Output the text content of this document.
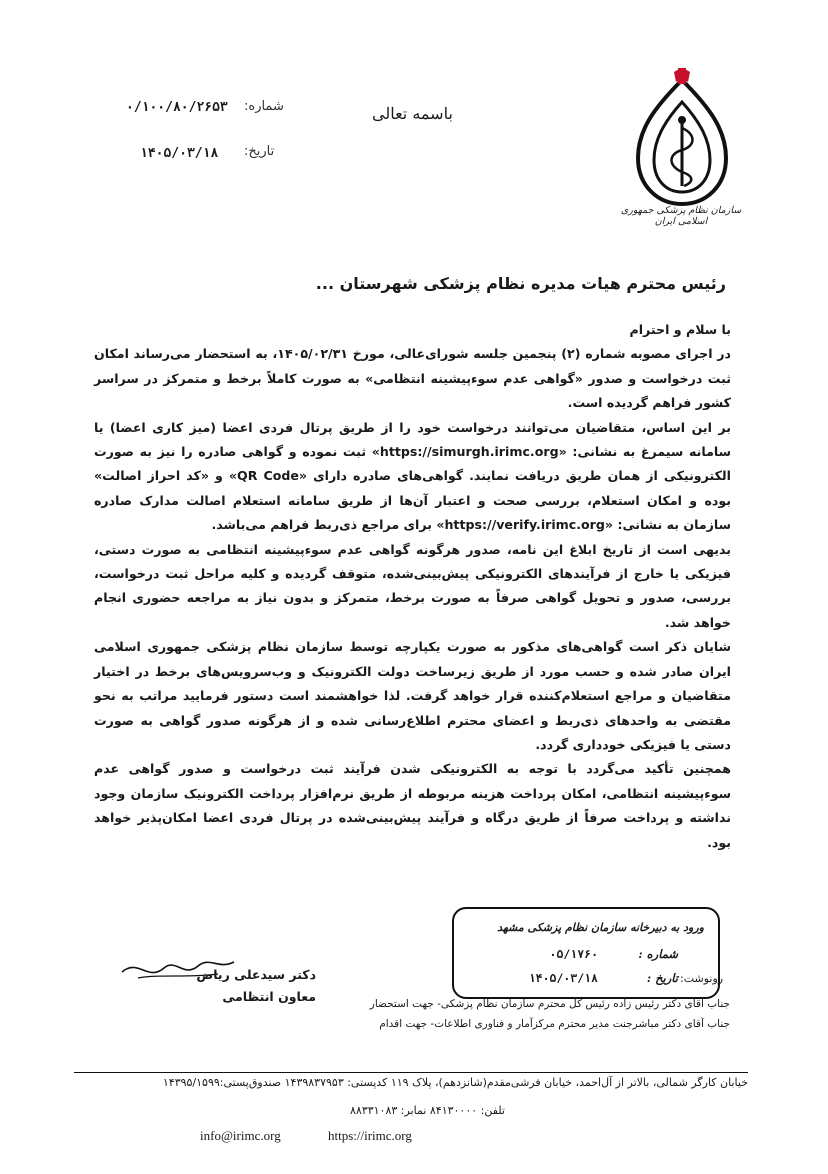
سازمان نظام پزشکی جمهوری اسلامی ایران
باسمه تعالی
شماره:
۰/۱۰۰/۸۰/۲۶۵۳
تاریخ:
۱۴۰۵/۰۳/۱۸
رئیس محترم هیات مدیره نظام پزشکی شهرستان ...

با سلام و احترام

در اجرای مصوبه شماره (۲) پنجمین جلسه شورای‌عالی، مورخ ۱۴۰۵/۰۲/۳۱، به استحضار می‌رساند امکان ثبت درخواست و صدور «گواهی عدم سوءپیشینه انتظامی» به صورت کاملاً برخط و متمرکز در سراسر کشور فراهم گردیده است.

بر این اساس، متقاضیان می‌توانند درخواست خود را از طریق پرتال فردی اعضا (میز کاری اعضا) یا سامانه سیمرغ به نشانی: «https://simurgh.irimc.org» ثبت نموده و گواهی صادره را نیز به صورت الکترونیکی از همان طریق دریافت نمایند. گواهی‌های صادره دارای «QR Code» و «کد احراز اصالت» بوده و امکان استعلام، بررسی صحت و اعتبار آن‌ها از طریق سامانه استعلام اصالت مدارک صادره سازمان به نشانی: «https://verify.irimc.org» برای مراجع ذی‌ربط فراهم می‌باشد.

بدیهی است از تاریخ ابلاغ این نامه، صدور هرگونه گواهی عدم سوءپیشینه انتظامی به صورت دستی، فیزیکی یا خارج از فرآیندهای الکترونیکی پیش‌بینی‌شده، متوقف گردیده و کلیه مراحل ثبت درخواست، بررسی، صدور و تحویل گواهی صرفاً به صورت برخط، متمرکز و بدون نیاز به مراجعه حضوری انجام خواهد شد.

شایان ذکر است گواهی‌های مذکور به صورت یکپارچه توسط سازمان نظام پزشکی جمهوری اسلامی ایران صادر شده و حسب مورد از طریق زیرساخت دولت الکترونیک و وب‌سرویس‌های برخط در اختیار متقاضیان و مراجع استعلام‌کننده قرار خواهد گرفت. لذا خواهشمند است دستور فرمایید مراتب به نحو مقتضی به واحدهای ذی‌ربط و اعضای محترم اطلاع‌رسانی شده و از هرگونه صدور گواهی به صورت دستی یا فیزیکی خودداری گردد.

همچنین تأکید می‌گردد با توجه به الکترونیکی شدن فرآیند ثبت درخواست و صدور گواهی عدم سوءپیشینه انتظامی، امکان پرداخت هزینه مربوطه از طریق نرم‌افزار پرداخت الکترونیک سازمان وجود نداشته و پرداخت صرفاً از طریق درگاه و فرآیند پیش‌بینی‌شده در پرتال فردی اعضا امکان‌پذیر خواهد بود.

دکتر سیدعلی ریاض
معاون انتظامی
ورود به دبیرخانه سازمان نظام پزشکی مشهد
شماره :
۰۵/۱۷۶۰
تاریخ :
۱۴۰۵/۰۳/۱۸	رونوشت:
جناب آقای دکتر رئیس زاده رئیس کل محترم سازمان نظام پزشکی- جهت استحضار
جناب آقای دکتر مباشرجنت مدیر محترم مرکزآمار و فناوری اطلاعات- جهت اقدام
خیابان کارگر شمالی، بالاتر از آل‌احمد، خیابان فرشی‌مقدم(شانزدهم)، پلاک ۱۱۹ کدپستی: ۱۴۳۹۸۳۷۹۵۳ صندوق‌پستی:۱۴۳۹۵/۱۵۹۹
تلفن: ۸۴۱۳۰۰۰۰ نمابر: ۸۸۳۳۱۰۸۳
https://irimc.org
info@irimc.org
